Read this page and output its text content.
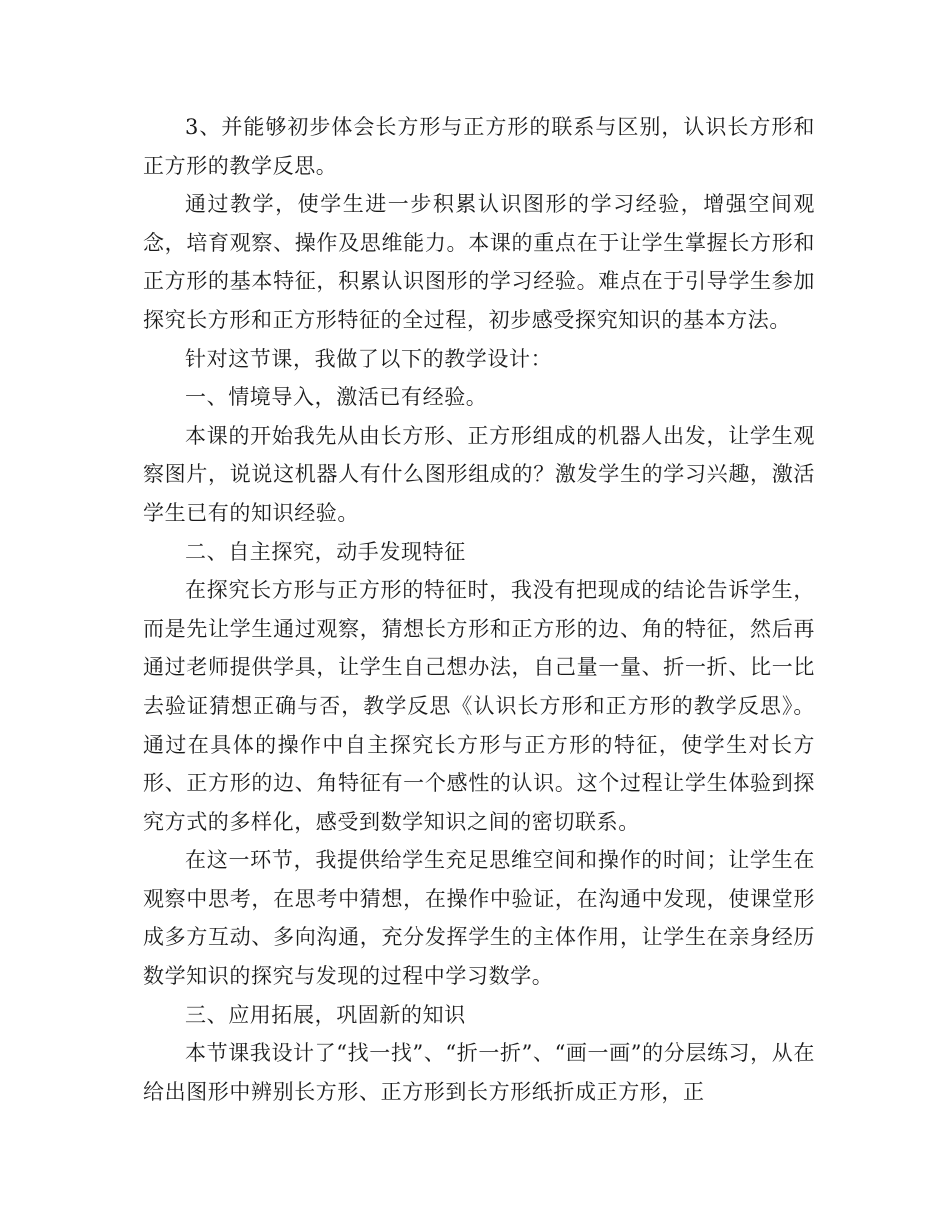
3、并能够初步体会长方形与正方形的联系与区别，认识长方形和正方形的教学反思。

通过教学，使学生进一步积累认识图形的学习经验，增强空间观念，培育观察、操作及思维能力。本课的重点在于让学生掌握长方形和正方形的基本特征，积累认识图形的学习经验。难点在于引导学生参加探究长方形和正方形特征的全过程，初步感受探究知识的基本方法。

针对这节课，我做了以下的教学设计：

一、情境导入，激活已有经验。

本课的开始我先从由长方形、正方形组成的机器人出发，让学生观察图片，说说这机器人有什么图形组成的？激发学生的学习兴趣，激活学生已有的知识经验。

二、自主探究，动手发现特征

在探究长方形与正方形的特征时，我没有把现成的结论告诉学生，而是先让学生通过观察，猜想长方形和正方形的边、角的特征，然后再通过老师提供学具，让学生自己想办法，自己量一量、折一折、比一比去验证猜想正确与否，教学反思《认识长方形和正方形的教学反思》。通过在具体的操作中自主探究长方形与正方形的特征，使学生对长方形、正方形的边、角特征有一个感性的认识。这个过程让学生体验到探究方式的多样化，感受到数学知识之间的密切联系。

在这一环节，我提供给学生充足思维空间和操作的时间；让学生在观察中思考，在思考中猜想，在操作中验证，在沟通中发现，使课堂形成多方互动、多向沟通，充分发挥学生的主体作用，让学生在亲身经历数学知识的探究与发现的过程中学习数学。

三、应用拓展，巩固新的知识

本节课我设计了“找一找”、“折一折”、“画一画”的分层练习，从在给出图形中辨别长方形、正方形到长方形纸折成正方形，正
